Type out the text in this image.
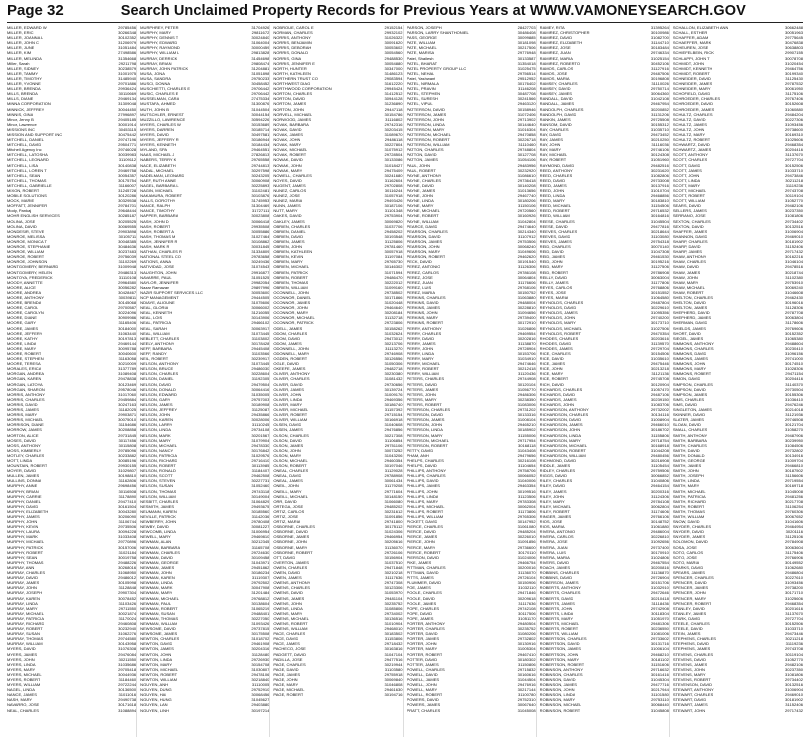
Page 32	Search Unclaimed Property Records for Previous Years at WWW.VAMONEYSEARCH.GOV
MILLER, EDWARD W	29785456
MILLER, ERIC	30266348
MILLER, JOANNA L	30102352
MILLER, JOHN C	31206979
MILLER, JUNE	31051484
MILLER, KIM	27498586
MILLER, MELINDA	31354668
Miller, Sarah	29211798
MILLER, SIDNEY	30238579
MILLER, TAMMY	31001975
MILLER, TIMOTHY	31485940
MILLER, YVONNE	29701886
MILLER, BRENDA	29936424
MILLS, BRENDA	30110669
MILLS, DIANE	29469134
MINNA CORPORATION	31309048
MINNICK, JEFFREY	30044450
MINNIS, GINA	27996897
Minor, Jenny B	29405185
Minor, Lawrence	30001914
MISSIONS INC	30453115
MISSION AND SUPPORT INC	30475442
MITCHELL, DANIEL	29747196
MITCHELL, DAVID	29504771
Mitchell Agency Inc	29746028
MITCHELL, LATOSHA	30039983
MITCHELL, LEONARD	31109112
MITCHELL, LISA	30140838
MITCHELL, LOREN T	29469758
MITCHELL, SEAN	30054357
MITCHELL, THOMAS	30175754
MITCHELL, GABRIELLE	31166007
MIXON, ROBERT	31245728
MOBILE SOLUTIONS	30120286
MOCK, MARIE	30329538
MOFFATT, JENNIFER	29784701
Mody, Pankaj	29648444
MOHR ENGLISH SERVICES	30285187
MOLINA, JOSE	30205525
MOLINA, DAVID	30069555
MONDESIR, STEVE	29903898
MONROE, MELISSA	30105711
MONROE, MONICA T	30048385
MONROE, STEPHANIE	30484636
MONROE, WILLIAM	30237483
MONROE, ROBERT	29756039
MONROE, JOHNSON	31102269
MONTGOMERY, BERNARD	31009948
MONTGOMERY, HELEN	29486313
MONTOYA, FREDERICK	31110108
MOODY, ANNETTE	29964580
MOORE, ALICE	30056282
MOORE, ANDREA	30428467
MOORE, ANTHONY	30039811
MOORE, BRENDA	30145068
MOORE, CAROL	29700587
MOORE, CAROLYN	30224096
MOORE, DIANE	30909986
MOORE, GARY	31165406
MOORE, JAMES	30184000
MOORE, JEFFERY	31063440
MOORE, KATHY	30197813
MOORE, LINDA	29469144
MOORE, MARY	30095788
MOORE, ROBERT	30040600
MOORE, STEPHEN	31163058
MOORE, TERESA	30210009
MORALES, ERICA	31377789
MORGAN, ANDREA	31089408
MORGAN, KAREN	29478838
MORGAN, LATOYA	30123469
MORGAN, SHARON	29578046
MORRIS, ANTHONY	31017060
MORRIS, CHARLES	29459884
MORRIS, DAVID	30247163
MORRIS, JAMES	31182025
MORRIS, MARY	29903871
MORRIS, MICHAEL	30075010
MORRISON, DIANE	31154686
MORROW, JAMES	30208858
MORTON, ALICE	29731845
MOSES, DAVID	30117456
MOSS, ANTHONY	30115808
MOSS, KIMBERLY	29785096
MOTLEY, CHARLES	30233882
MOTT, LINDA	30085196
MOUNTAIN, ROBERT	29930155
MOYER, DAVID	31029807
MULLEN, JAMES	30198810
MULLINS, DONNA	31162806
MURPHY, ANNE	29698456
MURPHY, BRIAN	30116508
MURPHY, CARRIE	31178890
MURPHY, DANIEL	29477410
MURPHY, DAVID	30161504
MURPHY, ELIZABETH	30043280
MURPHY, JAMES	30206090
MURPHY, JOHN	31106744
MURPHY, KEVIN	29735506
MURPHY, LAURA	30094228
MURPHY, MARK	31033408
MURPHY, MICHAEL	29770896
MURPHY, PATRICK	30157006
MURPHY, ROBERT	31021184
MURPHY, SEAN	30019758
MURPHY, THOMAS	29488226
MURRAY, ANN	30268016
MURRAY, CHARLES	31068950
MURRAY, DAVID	29486012
MURRAY, JAMES	30105998
MURRAY, JOHN	31128848
MURRAY, JOSEPH	29907304
MURRAY, KAREN	30078452
MURRAY, LINDA	31103426
MURRAY, MARY	29711550
MURRAY, MICHAEL	30021874
MURRAY, PATRICIA	31170024
MURRAY, RICHARD	29460808
MURRAY, ROBERT	30232940
MURRAY, SUSAN	31062276
MURRAY, THOMAS	29744580
MURRAY, WILLIAM	30143958
MYERS, DAVID	31076308
MYERS, JAMES	29476084
MYERS, JOHN	30211550
MYERS, LINDA	31035686
MYERS, MARY	29705418
MYERS, MICHAEL	30044936
MYERS, ROBERT	31184460
MYERS, WILLIAM	29722244
NAGEL, LINDA	30136500
NANCE, JAMES	31011016
NASH, MARY	29490738
NAVARRO, JOSE	30171618
NEAL, CHARLES	31088894
MURPHREY, PETER	31704926
MURPHY, MARY	29811672
MURPHY, DENNIS T	30024840
MURPHY, EDWARD	31064004
MURPHY, RAYMOND	30000459
MURPHY, WILLIAM L	29813828
MURRAY, DERRICK	31454698
MURRAY, BRIAN	29808474
MURRAY, JOHN PATRICK	31204881
MUSA, JONA	31051898
MUSA, SANDRA	29750233
MUSCI, DONNA	30458452
MUSCHIETTI, CHARLES E	29706442
MUSIC, CHARLES E	29706442
MUSSELMAN, CARA	27475334
MUSTAFA, AHMED	31300876
MUTH, JOHN B	31044504
MUTSCHLER, ERNEST	30044154
MUZZILLO, LAWRENCE	30594226
MYERS, CHARLES W	30153689
MYERS, DARREN	30185714
MYERS, DAVID	30497581
MYERS, JEFFERY R	30186944
MYERS, KENNETH	30184434
MYLAND, SPA	29464551
NAAS, MICHAEL J	27826813
NABERS, TERRY K	29765558
NACE, ELIZABETH	29744813
NADAL, MICHAEL	30297598
NADELMAN, LEONARD	30243205
NAEF, RUTH ANNE	30060908
NAGEL, BARBARA L	30225893
NAGIN, MICHAEL	31102481
NAKAMURA, ROBERT	30103876
NALLS, DOROTHY	31745953
NANCE, RALPH	31304469
NANCE, TIMOTHY	31727111
NAPPER, BARBARA	30023808
NASH, JOHN D	30066418
NASH, ROBERT	29935508
NASH, ROBERT A	30055886
NASH, THOMAS M	31027464
NASH, JENNIFER R	30108862
NASH, MARK R	30031845
NATHAN, CHARLES R	31334809
NATIONAL STEEL CO	29783658
NATIONS, ANNA	30249436
NATIVIDAD, JOSE	31074543
NAUGHTON, JOHN	29916877
NAVARRE, PAUL	31051525
NAYLOR, JENNIFER	29982054
Nazar Ramazan	29897996
NAZIR SUPPORT SERVICES LLC	30053600
NCP MANAGEMENT	29444505
NDIAYE, ALIOUNE	31075606
NEAL, GLORIA	30066002
NEAL, KENNETH	31216055
NEAL, LOIS	30143906
NEAL, PATRICIA	29466102
NEAL, SARAH	30063917
NEAL, WILLIAM	31073445
NEBLETT, CHARLES	31103802
NEELY, ANTHONY	30178428
NEFF, BARBARA	29445408
NEFF, RANDY	31103566
NEIL, ROBERT	30239917
NELSON, ANTHONY	31073445
NELSON, BRUCE	29486030
NELSON, CHARLES	30228604
NELSON, DANIEL	31192305
NELSON, DAVID	29479504
NELSON, DONALD	30064416
NELSON, EDWARD	31035005
NELSON, GARY	29757003
NELSON, JAMES	30189908
NELSON, JEFFREY	31125087
NELSON, JOHN	29435866
NELSON, KAREN	30028006
NELSON, LARRY	31110245
NELSON, LINDA	29734108
NELSON, MARK	30201567
NELSON, MARY	31079904
NELSON, MICHAEL	29478330
NELSON, NANCY	30176842
NELSON, PATRICIA	31029576
NELSON, RICHARD	29716410
NELSON, ROBERT	30113985
NELSON, RONALD	31184407
NELSON, SCOTT	29462508
NELSON, STEVEN	30227731
NELSON, SUSAN	31052460
NELSON, THOMAS	29743118
NELSON, WILLIAM	30149004
NESBITT, CHARLES	31064829
NESMITH, JAMES	29493675
NEUMANN, KAREN	30185560
NEVILLE, PATRICK	31142036
NEWBERRY, JOHN	29780408
NEWBY, DAVID	30081227
NEWCOMB, LINDA	31006954
NEWELL, MARY	29469810
NEWMAN, ALAN	30212345
NEWMAN, BARBARA	31165708
NEWMAN, CHARLES	29724630
NEWMAN, DAVID	30109458
NEWMAN, GEORGE	31043971
NEWMAN, JAMES	29451862
NEWMAN, JOHN	30186234
NEWMAN, KAREN	31119307
NEWMAN, LINDA	29792502
NEWMAN, MARK	30047908
NEWMAN, MARY	31201484
NEWMAN, MICHAEL	29768812
NEWMAN, PAUL	30138604
NEWMAN, ROBERT	31065219
NEWMAN, SUSAN	29488401
NEWMAN, THOMAS	30227050
NEWMAN, WILLIAM	31093426
NEWSOME, DAVID	29737815
NEWSOME, JAMES	30175508
NEWTON, CHARLES	31018702
NEWTON, DAVID	29461908
NEWTON, JAMES	30204316
NEWTON, JOHN	31128480
NEWTON, LINDA	29726930
NEWTON, MARY	30154708
NEWTON, MICHAEL	31030807
NEWTON, ROBERT	29478106
NEWTON, WILLIAM	30218840
NGUYEN, ANH	31110005
NGUYEN, DUNG	29752910
NGUYEN, HAI	30068456
NGUYEN, HUNG	31045627
NGUYEN, LAN	29403880
NGUYEN, LINH	30197214
NOBROUE, CAROL E	29152154
NORMAN, CHARLES	29932102
NORRIS, ANTHONY	31026322
NORRIS, BENJAMIN	30091620
NORRIS, DEBORAH	30053602
NORRIS, DONALD	30054560
NORRIS, GINA	29488530
NORRIS, JENNIFER E	30054880
NORTH, HUNTER	30347000
NORTH, KATHLEEN	31486123
NORTHERN TRUST CO	29083594
NORTHWEST DIAG	31612220
NORTHWOOD CORPORATION	29945424
NORTON, CHARLES	31412512
NORTON, DAVID	30944128
NORTON, JAMES	31236890
NORTON, JOHN	29447118
NORVELL, MICHAEL	30154786
NORWOOD, JAMES	31116802
NOVAK, BARBARA	29742316
NOVAK, DAVID	30203415
NOVAK, JAMES	31089670
NOVAK, JOHN	29486118
NOVAK, MARY	30227804
NOVAK, MICHAEL	31075912
NOVAK, ROBERT	29728504
NOWAK, DAVID	30133086
NOWAK, JOHN	31018427
NOWAK, MARY	29475409
NOWELL, CHARLES	30241680
NOYES, DAVID	31162604
NUGENT, JAMES	29702808
NUNEZ, CARLOS	30116244
NUNEZ, JOSE	31057918
NUNEZ, MARIA	29493426
NUNN, JAMES	30187106
NUTT, MARY	31101348
OAKES, DAVID	29753904
OAKLEY, JAMES	30069820
OBRIEN, CHARLES	31037706
OBRIEN, DANIEL	29458202
OBRIEN, DAVID	30193548
OBRIEN, JAMES	31125806
OBRIEN, JOHN	29781460
OBRIEN, KATHLEEN	30057918
OBRIEN, KEVIN	31197084
OBRIEN, MARY	29765730
OBRIEN, MICHAEL	30146302
OBRIEN, PATRICK	31071594
OBRIEN, ROBERT	29486470
OBRIEN, THOMAS	30222012
OBRIEN, WILLIAM	31099160
OCONNELL, JOHN	29738502
OCONNOR, DANIEL	30171866
OCONNOR, JAMES	31020448
OCONNOR, JOHN	29464640
OCONNOR, MARY	30208184
OCONNOR, MICHAEL	31132718
OCONNOR, PATRICK	29723806
ODELL, JAMES	30158262
ODOM, CHARLES	31032624
ODOM, DAVID	29473012
ODOM, JAMES	30213706
ODONNELL, JOHN	31113270
ODONNELL, MARY	29746908
OGDEN, ROBERT	30126556
OGLE, DAVID	31050306
OKEEFE, JAMES	29482718
OLIVER, ANTHONY	30230380
OLIVER, CHARLES	31081432
OLIVER, DAVID	29730656
OLIVER, JAMES	30139724
OLIVER, JOHN	31009176
OLIVER, LINDA	29469356
OLIVER, MARY	30186740
OLIVER, MICHAEL	31157392
OLIVER, ROBERT	29715154
OLIVER, WILLIAM	30166918
OLSEN, DAVID	31040608
OLSEN, JAMES	29476856
OLSON, CHARLES	30217308
OLSON, DAVID	31106854
OLSON, JAMES	29751106
OLSON, JOHN	30073252
OLSON, MARY	31043206
OLSON, MICHAEL	29460354
OLSON, ROBERT	30197046
ONEAL, CHARLES	31129028
ONEAL, DAVID	29788908
ONEAL, JAMES	30061434
ONEIL, JOHN	31179208
ONEILL, MARY	29771604
ONEILL, MICHAEL	30148150
ORR, DAVID	31066080
ORTEGA, JOSE	29485202
ORTIZ, CARLOS	30231612
ORTIZ, JOSE	31091856
ORTIZ, MARIA	29741800
OSBORNE, CHARLES	30175112
OSBORNE, DAVID	31024306
OSBORNE, JAMES	29466954
OSBORNE, JOHN	30205616
OSBORNE, MARY	31136070
OSBORNE, ROBERT	29726106
OTT, DAVID	30156904
OVERTON, JAMES	31037510
OWEN, CHARLES	29471848
OWEN, DAVID	30210218
OWEN, JAMES	31117636
OWENS, ANTHONY	29747308
OWENS, CHARLES	30123306
OWENS, DAVID	31053970
OWENS, JAMES	29481104
OWENS, JOHN	30235752
OWENS, LINDA	31085806
OWENS, MARY	29734002
OWENS, MICHAEL	30136516
OWENS, ROBERT	31010904
OWENS, WILLIAM	29468010
PACE, CHARLES	30183502
PACE, DAVID	31153806
PACE, JAMES	29718432
PACHECO, JOSE	30163816
PADGETT, DAVID	31047104
PADILLA, JOSE	29477516
PAGE, CHARLES	30219944
PAGE, DAVID	31103580
PAGE, JAMES	29755918
PAGE, JOHN	30069840
PAGE, MARY	31046808
PAGE, MICHAEL	29461630
PAGE, ROBERT	30194716
PARSON, JOSEPH	28427703
PARSON, LARRY SHANTHONIEL	30486408
PASS, GEORGE	30099885
PATE, WILLIAM	30181098
PATE, MICHAEL	30217506
PATE, MARISA	29776948
Patel, Shailesh	30133587
PATEL, BHARAT	31354018
PATEL PROPERTY GROUP LLC	31025475
PATEL, NEHAL	29756514
Patel, Yashwant	29512952
PATEL, NIRMALA	30176402
PATEL, PRAVIN	31146208
PATEL, STEPHEN	30487708
PATEL, SURESH	30241566
PATEL, VIPUL	29463120
PATTERSON, DAVID	30158946
PATTERSON, JAMES	31072406
PATTERSON, JOHN	29713902
PATTERSON, LINDA	30144640
PATTERSON, MARY	31016304
PATTERSON, MICHAEL	29470858
PATTERSON, ROBERT	30226718
PATTERSON, WILLIAM	31110460
PATTON, CHARLES	29748804
PATTON, DAVID	30127708
PATTON, JAMES	31054106
PAUL, JOHN	29483956
PAUL, ROBERT	30232920
PAYNE, ANTHONY	31086610
PAYNE, CHARLES	29736418
PAYNE, DAVID	30140208
PAYNE, JAMES	31013656
PAYNE, JOHN	29467740
PAYNE, LINDA	30180206
PAYNE, MARY	31150106
PAYNE, MICHAEL	29720560
PAYNE, ROBERT	30160926
PAYNE, WILLIAM	31042804
PEARCE, DAVID	29474640
PEARSON, CHARLES	30214340
PEARSON, DAVID	31107912
PEARSON, JAMES	29753506
PEARSON, JOHN	30068240
PEARSON, MARY	31049606
PEARSON, ROBERT	29462620
PECK, DAVID	30191540
PEREZ, ANTONIO	31126306
PEREZ, CARLOS	29786108
PEREZ, JOSE	30064804
PEREZ, JUAN	31176606
PEREZ, LUIS	29768106
PEREZ, MARIA	30150752
PERKINS, CHARLES	31063880
PERKINS, DAVID	29488004
PERKINS, JAMES	30228810
PERKINS, JOHN	31094656
PERKINS, MARY	29739400
PERKINS, ROBERT	30172910
PERRY, ANTHONY	31026806
PERRY, CHARLES	29469554
PERRY, DAVID	30202816
PERRY, JAMES	31138870
PERRY, JOHN	29728904
PERRY, LINDA	30153706
PERRY, MARY	31034910
PERRY, MICHAEL	29474646
PERRY, ROBERT	30212418
PERRY, WILLIAM	31120436
PETERS, CHARLES	29744908
PETERS, DAVID	30120104
PETERS, JAMES	31056770
PETERS, JOHN	29486306
PETERS, MARY	30238350
PETERS, ROBERT	31083006
PETERSON, CHARLES	29731202
PETERSON, DAVID	30133316
PETERSON, JAMES	31008104
PETERSON, JOHN	29465210
PETERSON, LINDA	30185902
PETERSON, MARY	31155006
PETERSON, MICHAEL	29717954
PETERSON, ROBERT	30168118
PETTY, DAVID	31043408
PHAM, ANH	29479656
PHELPS, CHARLES	30216108
PHELPS, DAVID	31104654
PHILLIPS, ANTHONY	29758706
PHILLIPS, CHARLES	30066052
PHILLIPS, DAVID	31040006
PHILLIPS, JAMES	29463354
PHILLIPS, JOHN	30199516
PHILLIPS, LINDA	31123506
PHILLIPS, MARY	29783308
PHILLIPS, MICHAEL	30062004
PHILLIPS, ROBERT	31173806
PHILLIPS, WILLIAM	29765306
PICKETT, DAVID	30147952
PIERCE, CHARLES	31061080
PIERCE, DAVID	29485204
PIERCE, JAMES	30226010
PIERCE, JOHN	31091856
PIERCE, MARY	29736600
PIERCE, ROBERT	30170110
PIERSON, DAVID	31024006
PIKE, JAMES	29466754
PITTMAN, CHARLES	30200016
PITTMAN, DAVID	31136070
PITTS, JAMES	29726104
PLUMMER, DAVID	30150906
POE, JAMES	31032110
POOLE, CHARLES	29471846
POOLE, DAVID	30209618
POOLE, JAMES	31117636
POPE, CHARLES	29742108
POPE, DAVID	30117506
POPE, JAMES	31051170
PORTER, ANTHONY	29480504
PORTER, CHARLES	30235752
PORTER, DAVID	31080206
PORTER, JAMES	29732802
PORTER, JOHN	30130916
PORTER, MARY	31005304
PORTER, ROBERT	29467410
POTTER, DAVID	30180302
POTTER, JAMES	31150806
POWELL, CHARLES	29715832
POWELL, DAVID	30160616
POWELL, JAMES	31044504
POWELL, JOHN	29476916
POWELL, MARY	30217144
POWELL, ROBERT	31100780
POWERS, DAVID	29752310
POWERS, JAMES	30067640
PRATT, CHARLES	31045008
RAMEY, RITA	31395264
RAMIREZ, CHRISTOPHER	30100986
RAMIREZ, DAVID	31082700
RAMIREZ, ELIZABETH	31144710
RAMIREZ, JOSE	30183484
RAMIREZ, JUAN	29746334
RAMIREZ, MARIA	31025154
RAMIREZ, ROBERTO	30452106
RAMOS, CARLOS	31127916
RAMOS, JOSE	29487506
RAMOS, MARIA	30196808
RAMSEY, CHARLES	31110026
RAMSEY, DAVID	29750714
RAMSEY, JAMES	30064360
RANDALL, DAVID	31042108
RANDALL, JAMES	29467954
RANDOLPH, CHARLES	30200852
RANDOLPH, DAVID	31131206
RANKIN, JAMES	29725508
RANSOM, DAVID	30155312
RAY, CHARLES	31035710
RAY, DAVID	29473452
RAY, JAMES	30210250
RAY, JOHN	31116036
RAY, MARY	29746106
RAY, MICHAEL	30124308
RAY, ROBERT	31051960
RAYMOND, DAVID	29482516
REED, ANTHONY	30231620
REED, CHARLES	31082806
REED, DAVID	29733008
REED, JAMES	30137916
REED, JOHN	31010704
REED, LINDA	29468856
REED, MARY	30183810
REED, MICHAEL	31154506
REED, ROBERT	29716532
REED, WILLIAM	30164816
REESE, CHARLES	31045504
REESE, DAVID	29477816
REEVES, CHARLES	30218644
REEVES, DAVID	31103080
REEVES, JAMES	29754318
REID, CHARLES	30070140
REID, DAVID	31047308
REID, JAMES	29461530
REID, JOHN	30195216
REID, MARY	31127506
REID, ROBERT	29786908
REILLY, DAVID	30063004
REILLY, JAMES	31177806
REYES, CARLOS	29768806
REYES, JOSE	30151552
REYES, MARIA	31064580
REYNOLDS, CHARLES	29487804
REYNOLDS, DAVID	30229610
REYNOLDS, JAMES	31095356
REYNOLDS, JOHN	29740200
REYNOLDS, MARY	30173710
REYNOLDS, MICHAEL	31027506
REYNOLDS, ROBERT	29470354
RHODES, CHARLES	30203616
RHODES, DAVID	31139570
RHODES, JAMES	29729704
RICE, CHARLES	30154506
RICE, DAVID	31035610
RICE, JAMES	29475446
RICE, JOHN	30213218
RICE, MARY	31121136
RICE, ROBERT	29745708
RICH, DAVID	30120904
RICHARDS, CHARLES	31057470
RICHARDS, DAVID	29487106
RICHARDS, JAMES	30239150
RICHARDS, JOHN	31083706
RICHARDSON, ANTHONY	29732002
RICHARDSON, CHARLES	30134116
RICHARDSON, DAVID	31008904
RICHARDSON, JAMES	29466010
RICHARDSON, JOHN	30186702
RICHARDSON, LINDA	31155806
RICHARDSON, MARY	29718754
RICHARDSON, MICHAEL	30168918
RICHARDSON, ROBERT	31044208
RICHARDSON, WILLIAM	29480456
RICHMOND, DAVID	30216908
RIDDLE, JAMES	31105454
RIDLEY, CHARLES	29759506
RIGGS, DAVID	30066852
RILEY, CHARLES	31040806
RILEY, DAVID	29464154
RILEY, JAMES	30200316
RILEY, JOHN	31124306
RILEY, MARY	29784108
RILEY, MICHAEL	30062804
RILEY, ROBERT	31174606
RINGER, JAMES	29766106
RIOS, JOSE	30148752
RIOS, MARIA	31061880
RIVERA, ANTONIO	29486004
RIVERA, CARLOS	30226810
RIVERA, JOSE	31092656
RIVERA, JUAN	29737400
RIVERA, LUIS	30170910
RIVERA, MARIA	31024806
RIVERS, DAVID	29467554
ROACH, JAMES	30200816
ROBBINS, CHARLES	31136870
ROBBINS, DAVID	29726904
ROBERSON, JAMES	30151706
ROBERTS, ANTHONY	31032910
ROBERTS, CHARLES	29472646
ROBERTS, DAVID	30210418
ROBERTS, JAMES	31118436
ROBERTS, JOHN	29742908
ROBERTS, LINDA	30118304
ROBERTS, MARY	31051970
ROBERTS, MICHAEL	29481306
ROBERTS, ROBERT	30236550
ROBERTS, WILLIAM	31081006
ROBERTSON, CHARLES	29733602
ROBERTSON, DAVID	30131716
ROBERTSON, JAMES	31006104
ROBERTSON, JOHN	29468210
ROBERTSON, MARY	30181102
ROBERTSON, ROBERT	31151606
ROBINSON, ANTHONY	29716632
ROBINSON, CHARLES	30161416
ROBINSON, DAVID	31045304
ROBINSON, JAMES	29477716
ROBINSON, JOHN	30217944
ROBINSON, LINDA	31101580
ROBINSON, MARY	29753110
ROBINSON, MICHAEL	30068440
ROBINSON, ROBERT	31045808
SCHALLON, ELIZABETH ANN	30662488
SCHALL, ESTHER	30051963
SCHAFFER, ADAM	29775645
SCHAEFFER, MARK	30476838
SCHEUREN, JOSE	30638803
SCHIEFELBEIN, RICK	29907155
SCHLAPPI, JOHN T	30078708
SCHMIDT, JOHN	31020454
SCHMIDT, KENNETH	29464756
SCHMIDT, ROBERT	30199340
SCHNEIDER, DAVID	31125430
SCHNEIDER, JAMES	29787532
SCHNEIDER, MARY	30061950
SCHOFIELD, DAVID	31175106
SCHROEDER, CHARLES	29767406
SCHROEDER, DAVID	30152608
SCHROEDER, JAMES	31060880
SCHULTZ, CHARLES	29484204
SCHULTZ, DAVID	30227306
SCHULTZ, JAMES	31093456
SCHULTZ, JOHN	29738600
SCHULTZ, MARY	30169310
SCHULTZ, ROBERT	31025606
SCHWARTZ, DAVID	29468354
SCHWARTZ, JAMES	30204416
SCOTT, ANTHONY	31137670
SCOTT, CHARLES	29727704
SCOTT, DAVID	30152506
SCOTT, JAMES	31033710
SCOTT, JOHN	29473846
SCOTT, LINDA	30211218
SCOTT, MARY	31119236
SCOTT, MICHAEL	29743708
SCOTT, ROBERT	30119104
SCOTT, WILLIAM	31052770
SEARS, DAVID	29482106
SELLERS, JAMES	30237350
SERRANO, JOSE	31081806
SEXTON, CHARLES	29734402
SEXTON, DAVID	30132516
SHAFFER, JAMES	31006904
SHANNON, DAVID	29469010
SHARP, CHARLES	30181902
SHARP, DAVID	31152406
SHARP, JAMES	29717432
SHAW, ANTHONY	30162216
SHAW, CHARLES	31046104
SHAW, DAVID	29478516
SHAW, JAMES	30218744
SHAW, JOHN	31102380
SHAW, MARY	29753910
SHAW, MICHAEL	30069240
SHAW, ROBERT	31046608
SHELTON, CHARLES	29462430
SHELTON, DAVID	30196016
SHELTON, JAMES	31128306
SHEPHERD, DAVID	29787708
SHEPHERD, JAMES	30063804
SHERMAN, DAVID	31178606
SHIELDS, JAMES	29769606
SHORT, DAVID	30152352
SIEGEL, JAMES	31065380
SIMMONS, ANTHONY	29488604
SIMMONS, CHARLES	30230410
SIMMONS, DAVID	31096156
SIMMONS, JAMES	29741000
SIMMONS, JOHN	30174510
SIMMONS, MARY	31028306
SIMMONS, ROBERT	29471154
SIMON, DAVID	30204416
SIMPSON, CHARLES	31140370
SIMPSON, DAVID	29730504
SIMPSON, JAMES	30155306
SIMS, CHARLES	31036410
SIMS, DAVID	29476246
SINGLETON, JAMES	30214018
SKINNER, DAVID	31121936
SLATER, JAMES	29746508
SLOAN, DAVID	30121704
SMALL, CHARLES	31058270
SMITH, ANTHONY	29487906
SMITH, BARBARA	30239950
SMITH, CHARLES	31084506
SMITH, DAVID	29732802
SMITH, DONALD	30134916
SMITH, GEORGE	31009704
SMITH, JAMES	29466810
SMITH, JOHN	30187502
SMITH, JOSEPH	31156606
SMITH, LINDA	29719554
SMITH, MARY	30169718
SMITH, MICHAEL	31045008
SMITH, PATRICIA	29481256
SMITH, RICHARD	30217708
SMITH, ROBERT	31106254
SMITH, THOMAS	29760306
SMITH, WILLIAM	30067652
SNOW, DAVID	31041606
SNYDER, CHARLES	29464954
SNYDER, DAVID	30201116
SNYDER, JAMES	31125106
SOLOMON, DAVID	29784908
SOSA, JOSE	30063604
SOTO, CARLOS	31175406
SOTO, JOSE	29766906
SOTO, MARIA	30149552
SPARKS, DAVID	31062680
SPEARS, JAMES	29486804
SPENCER, CHARLES	30227610
SPENCER, DAVID	31093456
SPENCER, JAMES	29738200
SPENCER, JOHN	30171710
SPENCER, MARY	31025606
SPENCER, ROBERT	29468354
STANLEY, DAVID	30201616
STANLEY, JAMES	31137670
STARK, DAVID	29727704
STEELE, CHARLES	30152506
STEELE, DAVID	31033710
STEIN, JAMES	29473446
STEPHENS, CHARLES	30211218
STEPHENS, DAVID	31119236
STEPHENS, JAMES	29743708
STEVENS, CHARLES	30119104
STEVENS, DAVID	31052770
STEVENS, JAMES	29482106
STEVENS, JOHN	30237350
STEVENS, MARY	31081806
STEVENS, ROBERT	29734402
STEVENSON, DAVID	30132516
STEWART, ANTHONY	31006904
STEWART, CHARLES	29469010
STEWART, DAVID	30181902
STEWART, JAMES	31152406
STEWART, JOHN	29717432
